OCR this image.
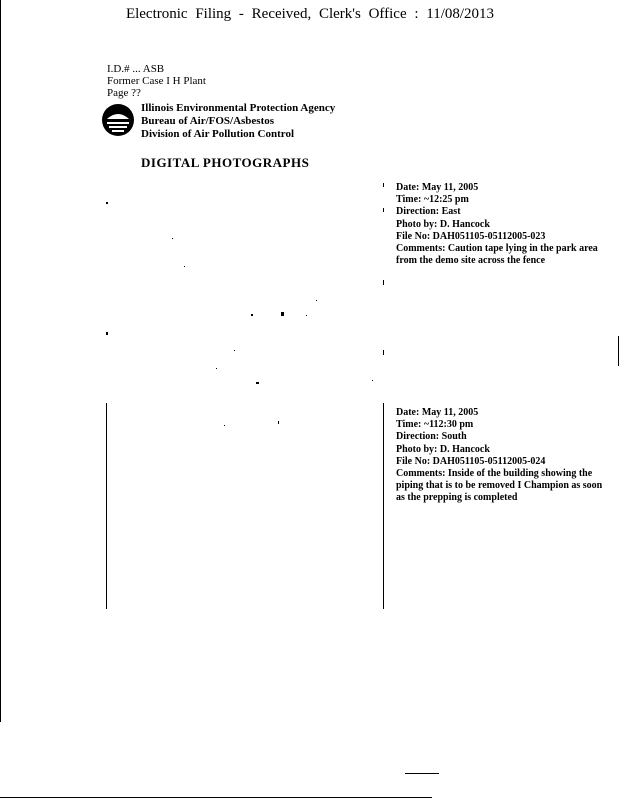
Electronic Filing - Received, Clerk's Office : 11/08/2013
I.D.# ... ASB
Former Case I H Plant
Page ??
Illinois Environmental Protection Agency
Bureau of Air/FOS/Asbestos
Division of Air Pollution Control
DIGITAL PHOTOGRAPHS
Date: May 11, 2005
Time: ~12:25 pm
Direction: East
Photo by: D. Hancock
File No: DAH051105-05112005-023
Comments: Caution tape lying in the park area from the demo site across the fence
Date: May 11, 2005
Time: ~112:30 pm
Direction: South
Photo by: D. Hancock
File No: DAH051105-05112005-024
Comments: Inside of the building showing the piping that is to be removed I Champion as soon as the prepping is completed
